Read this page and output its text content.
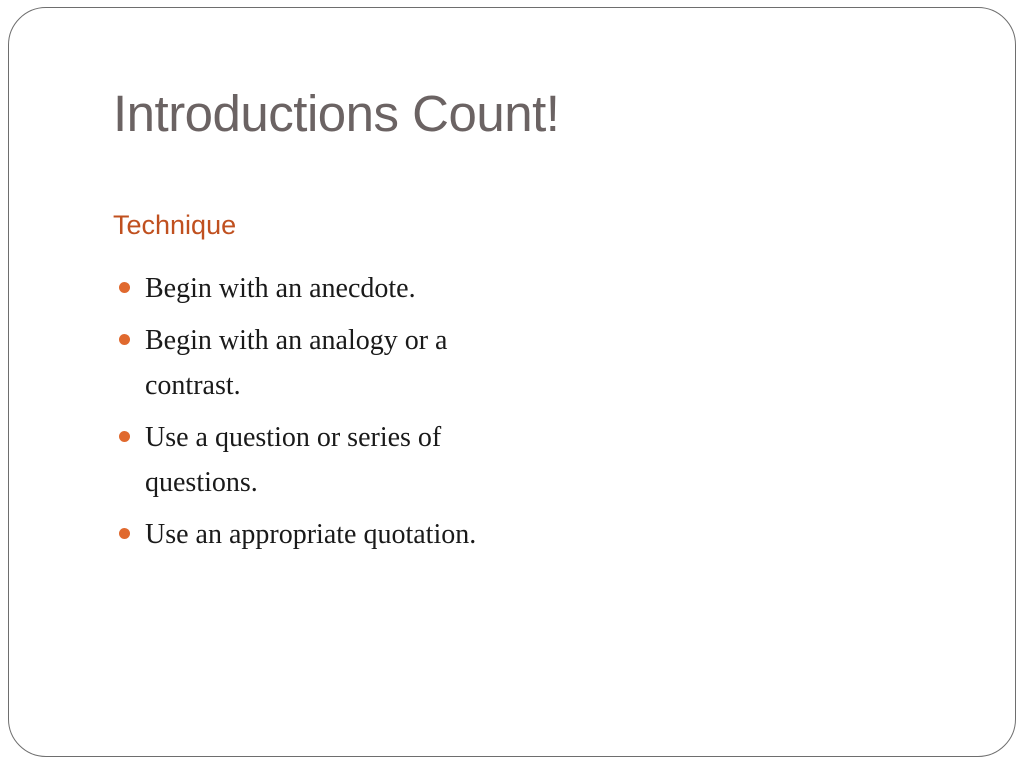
Introductions Count!
Technique
Begin with an anecdote.
Begin with an analogy or a contrast.
Use a question or series of questions.
Use an appropriate quotation.
